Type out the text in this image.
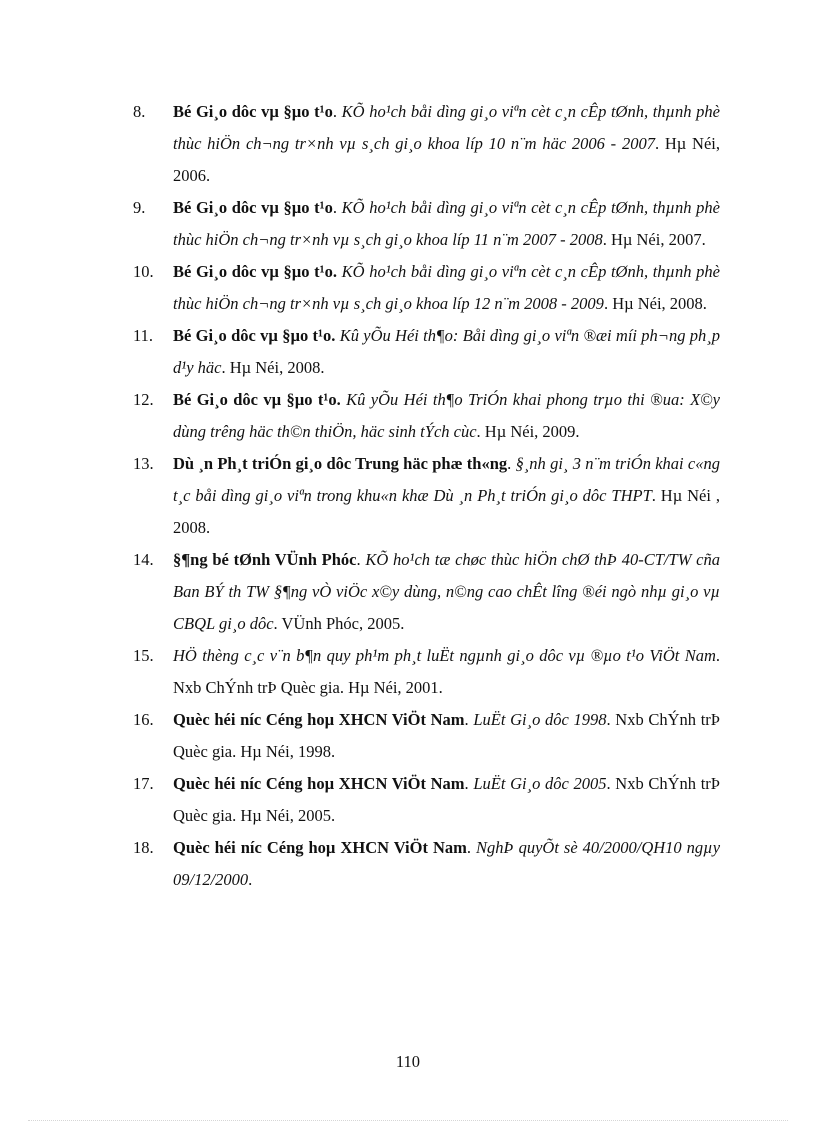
8.	Bé Gi¸o dôc vµ §µo t¹o. KÕ ho¹ch båi dìng gi¸o viªn cèt c¸n cÊp tØnh, thµnh phè thùc hiÖn ch¬ng tr×nh vµ s¸ch gi¸o khoa líp 10 n¨m häc 2006 - 2007. Hµ Néi, 2006.
9.	Bé Gi¸o dôc vµ §µo t¹o. KÕ ho¹ch båi dìng gi¸o viªn cèt c¸n cÊp tØnh, thµnh phè thùc hiÖn ch¬ng tr×nh vµ s¸ch gi¸o khoa líp 11 n¨m 2007 - 2008. Hµ Néi, 2007.
10.	Bé Gi¸o dôc vµ §µo t¹o. KÕ ho¹ch båi dìng gi¸o viªn cèt c¸n cÊp tØnh, thµnh phè thùc hiÖn ch¬ng tr×nh vµ s¸ch gi¸o khoa líp 12 n¨m 2008 - 2009. Hµ Néi, 2008.
11.	Bé Gi¸o dôc vµ §µo t¹o. Kû yÕu Héi th¶o: Båi dìng gi¸o viªn ®æi míi ph¬ng ph¸p d¹y häc. Hµ Néi, 2008.
12.	Bé Gi¸o dôc vµ §µo t¹o. Kû yÕu Héi th¶o TriÓn khai phong trµo thi ®ua: X©y dùng trêng häc th©n thiÖn, häc sinh tÝch cùc. Hµ Néi, 2009.
13.	Dù ¸n Ph¸t triÓn gi¸o dôc Trung häc phæ th«ng. §¸nh gi¸ 3 n¨m triÓn khai c«ng t¸c båi dìng gi¸o viªn trong khu«n khæ Dù ¸n Ph¸t triÓn gi¸o dôc THPT. Hµ Néi , 2008.
14.	§¶ng bé tØnh VÜnh Phóc. KÕ ho¹ch tæ chøc thùc hiÖn chØ thÞ 40-CT/TW cña Ban BÝ th TW §¶ng vÒ viÖc x©y dùng, n©ng cao chÊt lîng ®éi ngò nhµ gi¸o vµ CBQL gi¸o dôc. VÜnh Phóc, 2005.
15.	HÖ thèng c¸c v¨n b¶n quy ph¹m ph¸t luËt ngµnh gi¸o dôc vµ ®µo t¹o ViÖt Nam. Nxb ChÝnh trÞ Quèc gia. Hµ Néi, 2001.
16.	Quèc héi níc Céng hoµ XHCN ViÖt Nam. LuËt Gi¸o dôc 1998. Nxb ChÝnh trÞ Quèc gia. Hµ Néi, 1998.
17.	Quèc héi níc Céng hoµ XHCN ViÖt Nam. LuËt Gi¸o dôc 2005. Nxb ChÝnh trÞ Quèc gia. Hµ Néi, 2005.
18.	Quèc héi níc Céng hoµ XHCN ViÖt Nam. NghÞ quyÕt sè 40/2000/QH10 ngµy 09/12/2000.
110
